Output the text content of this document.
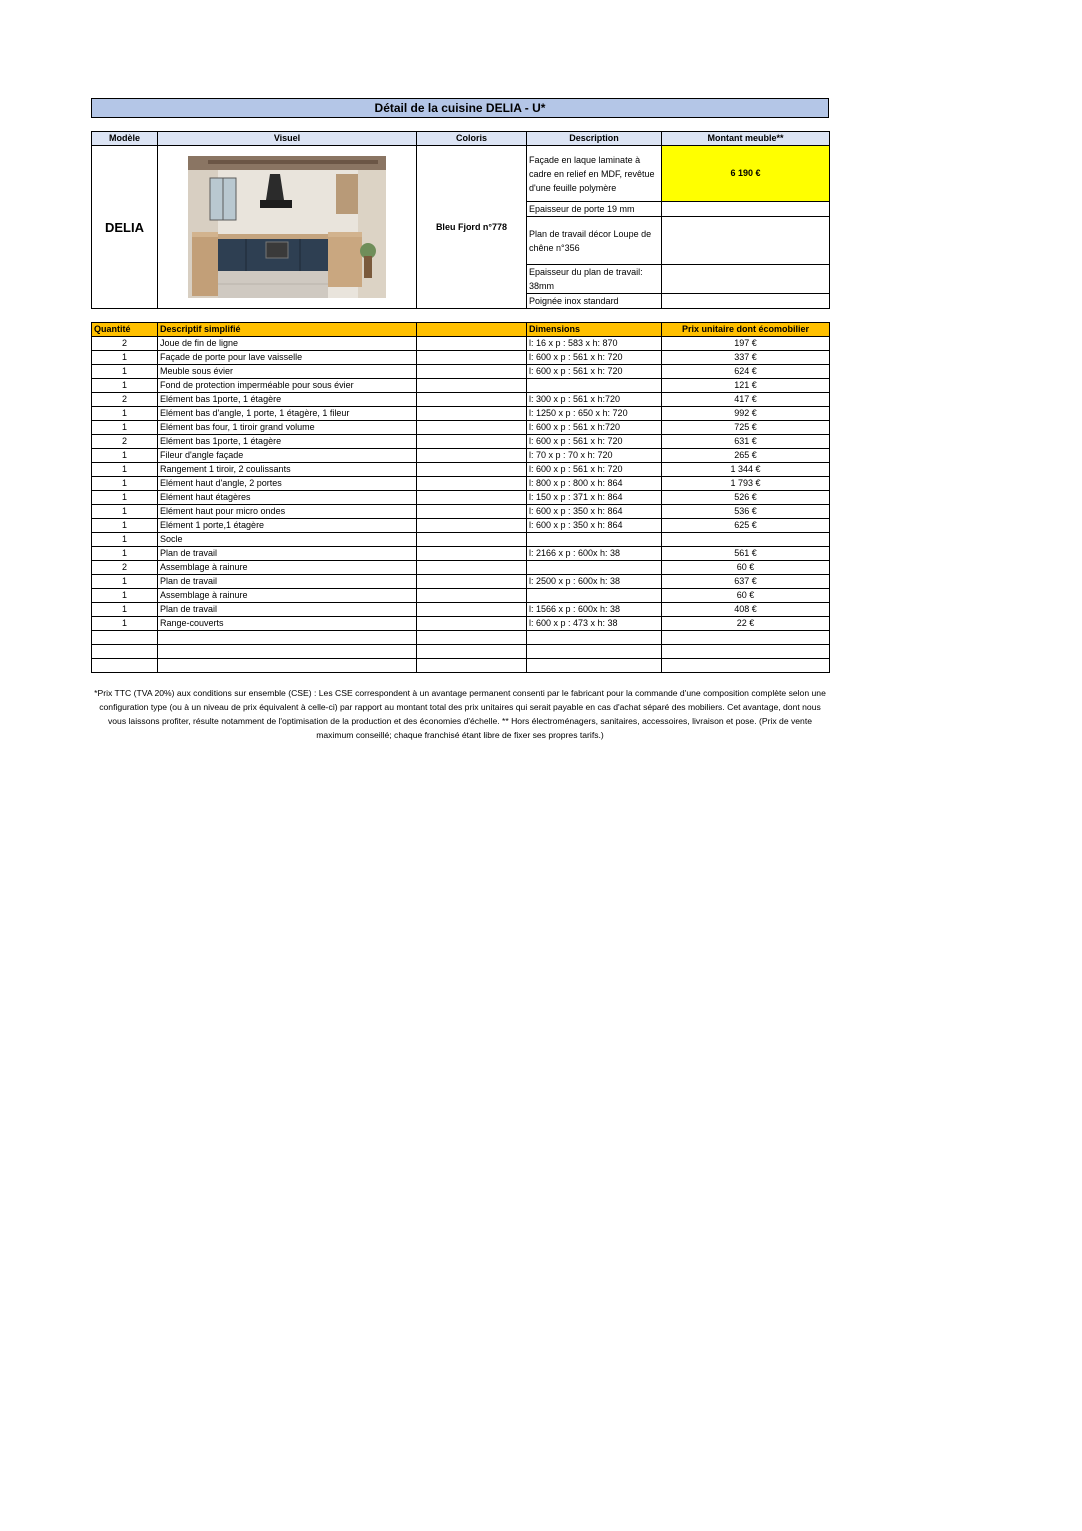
Détail de la cuisine DELIA - U*
Modèle	Visuel	Coloris	Description	Montant meuble**
DELIA		Bleu Fjord n°778	Façade en laque laminate à cadre en relief en MDF, revêtue d'une feuille polymère	6 190 €
			Epaisseur de porte 19 mm	
			Plan de travail décor Loupe de chêne n°356	
			Epaisseur du plan de travail: 38mm	
			Poignée inox standard	
Quantité	Descriptif simplifié		Dimensions	Prix unitaire dont écomobilier
2	Joue de fin de ligne		l: 16 x p : 583 x h: 870	197 €
1	Façade de porte pour lave vaisselle		l: 600 x p : 561 x h: 720	337 €
1	Meuble sous évier		l: 600 x p : 561 x h: 720	624 €
1	Fond de protection imperméable pour sous évier			121 €
2	Elément bas 1porte, 1 étagère		l: 300 x p : 561 x h:720	417 €
1	Elément bas d'angle, 1 porte, 1 étagère, 1 fileur		l: 1250 x p : 650 x h: 720	992 €
1	Elément bas four, 1 tiroir grand volume		l: 600 x p : 561 x h:720	725 €
2	Elément bas 1porte, 1 étagère		l: 600 x p : 561 x h: 720	631 €
1	Fileur d'angle façade		l: 70 x p : 70 x h: 720	265 €
1	Rangement 1 tiroir, 2 coulissants		l: 600 x p : 561 x h: 720	1 344 €
1	Elément haut d'angle, 2 portes		l: 800 x p : 800 x h: 864	1 793 €
1	Elément haut étagères		l: 150 x p : 371 x h: 864	526 €
1	Elément haut pour micro ondes		l: 600 x p : 350 x h: 864	536 €
1	Elément 1 porte,1 étagère		l: 600 x p : 350 x h: 864	625 €
1	Socle			
1	Plan de travail		l: 2166 x p : 600x h: 38	561 €
2	Assemblage à rainure			60 €
1	Plan de travail		l: 2500 x p : 600x h: 38	637 €
1	Assemblage à rainure			60 €
1	Plan de travail		l: 1566 x p : 600x h: 38	408 €
1	Range-couverts		l: 600 x p : 473 x h: 38	22 €

*Prix TTC (TVA 20%) aux conditions sur ensemble (CSE) : Les CSE correspondent à un avantage permanent consenti par le fabricant pour la commande d'une composition complète selon une configuration type (ou à un niveau de prix équivalent à celle-ci) par rapport au montant total des prix unitaires qui serait payable en cas d'achat séparé des mobiliers. Cet avantage, dont nous vous laissons profiter, résulte notamment de l'optimisation de la production et des économies d'échelle. ** Hors électroménagers, sanitaires, accessoires, livraison et pose. (Prix de vente maximum conseillé; chaque franchisé étant libre de fixer ses propres tarifs.)
